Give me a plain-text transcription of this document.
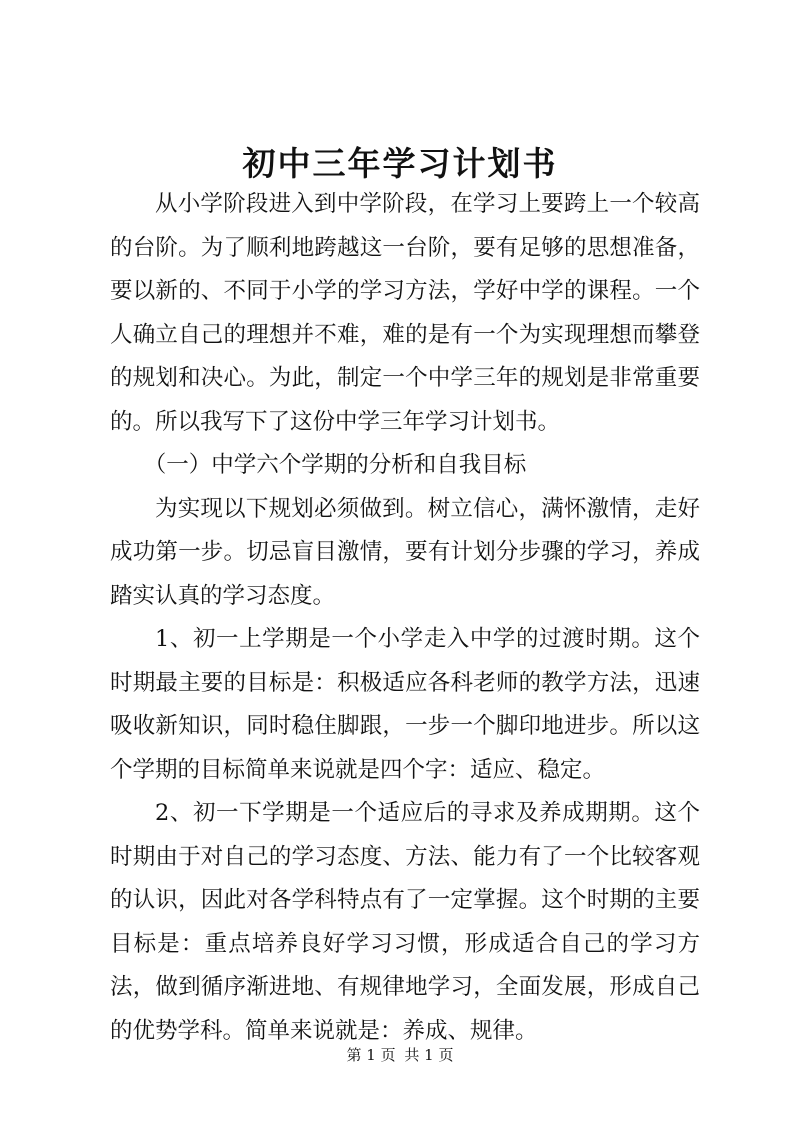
初中三年学习计划书

从小学阶段进入到中学阶段，在学习上要跨上一个较高的台阶。为了顺利地跨越这一台阶，要有足够的思想准备，要以新的、不同于小学的学习方法，学好中学的课程。一个人确立自己的理想并不难，难的是有一个为实现理想而攀登的规划和决心。为此，制定一个中学三年的规划是非常重要的。所以我写下了这份中学三年学习计划书。

（一）中学六个学期的分析和自我目标

为实现以下规划必须做到。树立信心，满怀激情，走好成功第一步。切忌盲目激情，要有计划分步骤的学习，养成踏实认真的学习态度。

1、初一上学期是一个小学走入中学的过渡时期。这个时期最主要的目标是：积极适应各科老师的教学方法，迅速吸收新知识，同时稳住脚跟，一步一个脚印地进步。所以这个学期的目标简单来说就是四个字：适应、稳定。

2、初一下学期是一个适应后的寻求及养成期期。这个时期由于对自己的学习态度、方法、能力有了一个比较客观的认识，因此对各学科特点有了一定掌握。这个时期的主要目标是：重点培养良好学习习惯，形成适合自己的学习方法，做到循序渐进地、有规律地学习，全面发展，形成自己的优势学科。简单来说就是：养成、规律。

第 1 页 共 1 页
